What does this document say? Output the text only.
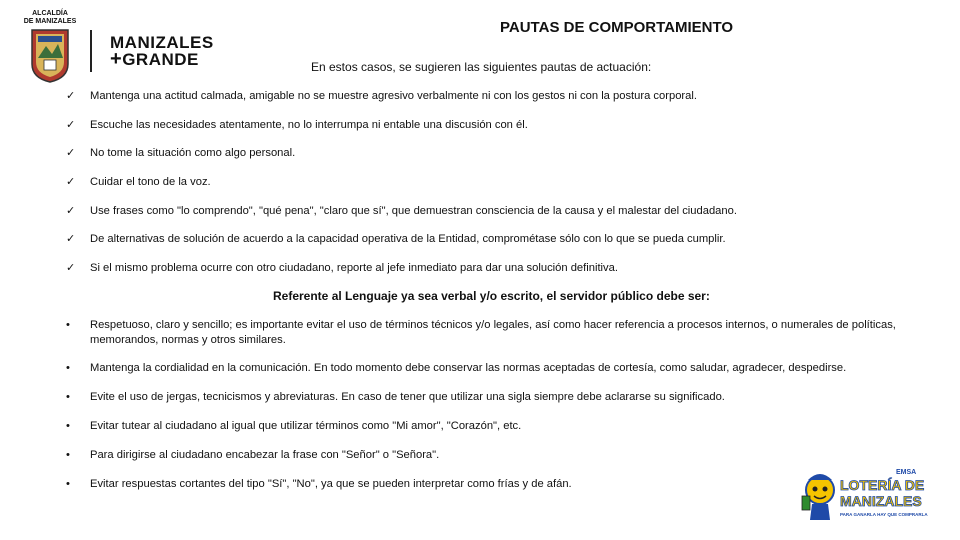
ALCALDÍA
DE MANIZALES
MANIZALES
+GRANDE
PAUTAS DE COMPORTAMIENTO
En estos casos, se sugieren las siguientes pautas de actuación:
✓	Mantenga una actitud calmada, amigable no se muestre agresivo verbalmente ni con los gestos ni con la postura corporal.
✓	Escuche las necesidades atentamente, no lo interrumpa ni entable una discusión con él.
✓	No tome la situación como algo personal.
✓	Cuidar el tono de la voz.
✓	Use frases como "lo comprendo", "qué pena", "claro que sí", que demuestran consciencia de la causa y el malestar del ciudadano.
✓	De alternativas de solución de acuerdo a la capacidad operativa de la Entidad, comprométase sólo con lo que se pueda cumplir.
✓	Si el mismo problema ocurre con otro ciudadano, reporte al jefe inmediato para dar una solución definitiva.
Referente al Lenguaje ya sea verbal y/o escrito, el servidor público debe ser:
•	Respetuoso, claro y sencillo; es importante evitar el uso de términos técnicos y/o legales, así como hacer referencia a procesos internos, o numerales de políticas, memorandos, normas y otros similares.
•	Mantenga la cordialidad en la comunicación. En todo momento debe conservar las normas aceptadas de cortesía, como saludar, agradecer, despedirse.
•	Evite el uso de jergas, tecnicismos y abreviaturas. En caso de tener que utilizar una sigla siempre debe aclararse su significado.
•	Evitar tutear al ciudadano al igual que utilizar términos como "Mi amor", "Corazón", etc.
•	Para dirigirse al ciudadano encabezar la frase con "Señor" o "Señora".
•	Evitar respuestas cortantes del tipo "Sí", "No", ya que se pueden interpretar como frías y de afán.
EMSA
LOTERÍA DE
MANIZALES
PARA GANARLA HAY QUE COMPRARLA
